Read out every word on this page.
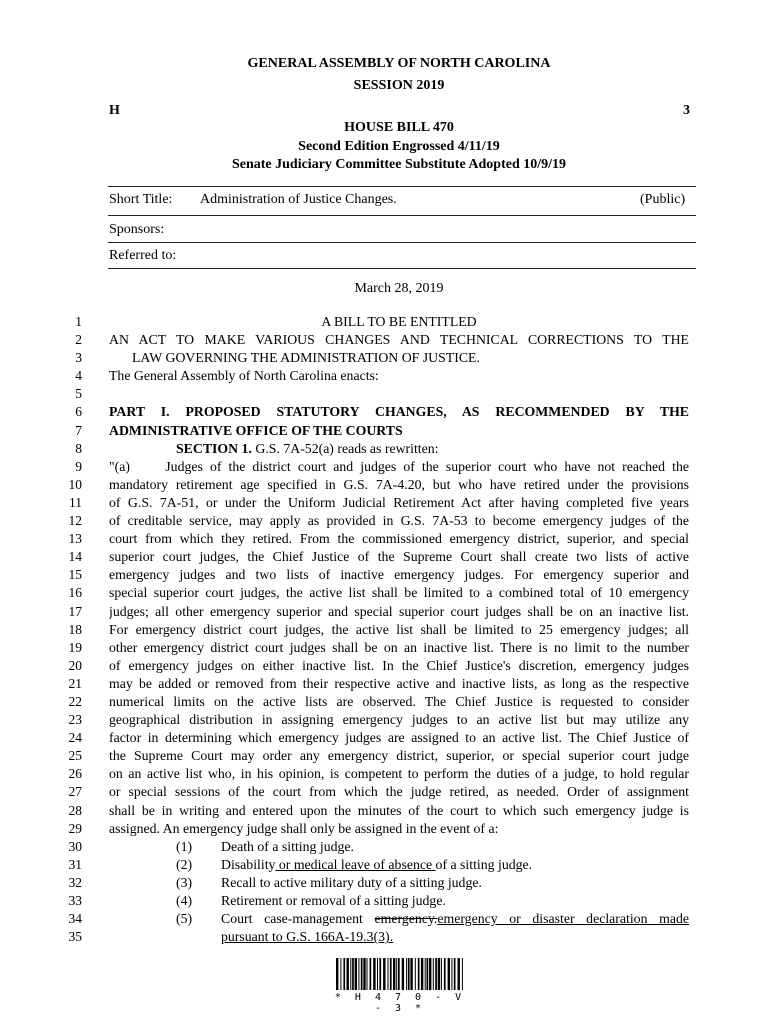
GENERAL ASSEMBLY OF NORTH CAROLINA
SESSION 2019
H	3
HOUSE BILL 470
Second Edition Engrossed 4/11/19
Senate Judiciary Committee Substitute Adopted 10/9/19
Short Title: Administration of Justice Changes.	(Public)
Sponsors:
Referred to:
March 28, 2019
1	A BILL TO BE ENTITLED
2 AN ACT TO MAKE VARIOUS CHANGES AND TECHNICAL CORRECTIONS TO THE
3	LAW GOVERNING THE ADMINISTRATION OF JUSTICE.
4 The General Assembly of North Carolina enacts:
5
6 PART I. PROPOSED STATUTORY CHANGES, AS RECOMMENDED BY THE
7 ADMINISTRATIVE OFFICE OF THE COURTS
8	SECTION 1. G.S. 7A-52(a) reads as rewritten:
9 "(a)     Judges of the district court and judges of the superior court who have not reached the
10 mandatory retirement age specified in G.S. 7A-4.20, but who have retired under the provisions
11 of G.S. 7A-51, or under the Uniform Judicial Retirement Act after having completed five years
12 of creditable service, may apply as provided in G.S. 7A-53 to become emergency judges of the
13 court from which they retired. From the commissioned emergency district, superior, and special
14 superior court judges, the Chief Justice of the Supreme Court shall create two lists of active
15 emergency judges and two lists of inactive emergency judges. For emergency superior and
16 special superior court judges, the active list shall be limited to a combined total of 10 emergency
17 judges; all other emergency superior and special superior court judges shall be on an inactive list.
18 For emergency district court judges, the active list shall be limited to 25 emergency judges; all
19 other emergency district court judges shall be on an inactive list. There is no limit to the number
20 of emergency judges on either inactive list. In the Chief Justice's discretion, emergency judges
21 may be added or removed from their respective active and inactive lists, as long as the respective
22 numerical limits on the active lists are observed. The Chief Justice is requested to consider
23 geographical distribution in assigning emergency judges to an active list but may utilize any
24 factor in determining which emergency judges are assigned to an active list. The Chief Justice of
25 the Supreme Court may order any emergency district, superior, or special superior court judge
26 on an active list who, in his opinion, is competent to perform the duties of a judge, to hold regular
27 or special sessions of the court from which the judge retired, as needed. Order of assignment
28 shall be in writing and entered upon the minutes of the court to which such emergency judge is
29 assigned. An emergency judge shall only be assigned in the event of a:
30	(1)	Death of a sitting judge.
31	(2)	Disability or medical leave of absence of a sitting judge.
32	(3)	Recall to active military duty of a sitting judge.
33	(4)	Retirement or removal of a sitting judge.
34	(5)	Court case-management emergency.emergency or disaster declaration made
35	pursuant to G.S. 166A-19.3(3).
* H 4 7 0 - V - 3 *
